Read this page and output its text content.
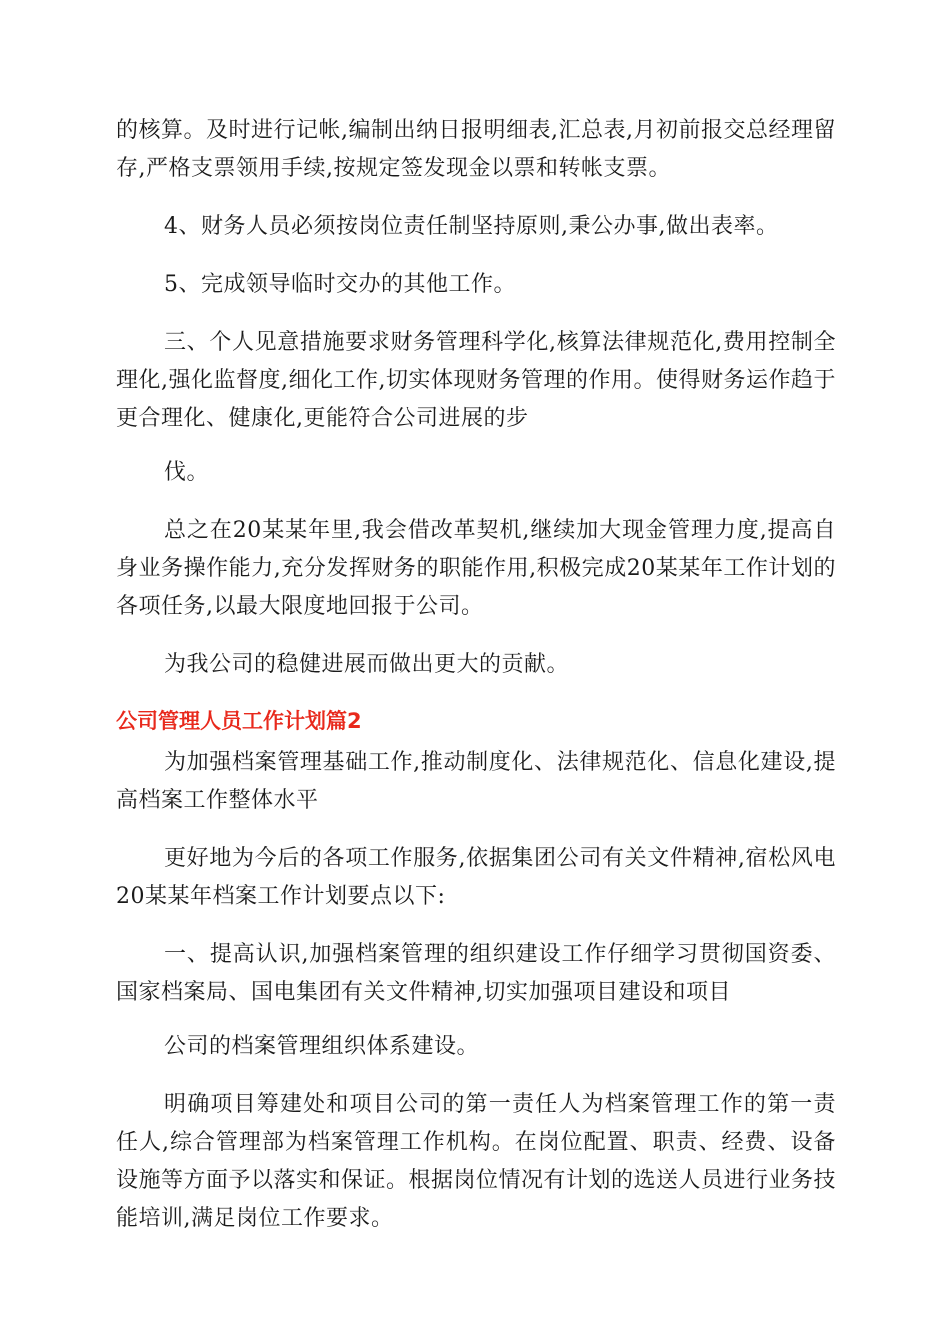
的核算。及时进行记帐,编制出纳日报明细表,汇总表,月初前报交总经理留存,严格支票领用手续,按规定签发现金以票和转帐支票。

4、财务人员必须按岗位责任制坚持原则,秉公办事,做出表率。

5、完成领导临时交办的其他工作。

三、个人见意措施要求财务管理科学化,核算法律规范化,费用控制全理化,强化监督度,细化工作,切实体现财务管理的作用。使得财务运作趋于更合理化、健康化,更能符合公司进展的步

伐。

总之在20某某年里,我会借改革契机,继续加大现金管理力度,提高自身业务操作能力,充分发挥财务的职能作用,积极完成20某某年工作计划的各项任务,以最大限度地回报于公司。

为我公司的稳健进展而做出更大的贡献。

公司管理人员工作计划篇2

为加强档案管理基础工作,推动制度化、法律规范化、信息化建设,提高档案工作整体水平

更好地为今后的各项工作服务,依据集团公司有关文件精神,宿松风电20某某年档案工作计划要点以下:

一、提高认识,加强档案管理的组织建设工作仔细学习贯彻国资委、国家档案局、国电集团有关文件精神,切实加强项目建设和项目

公司的档案管理组织体系建设。

明确项目筹建处和项目公司的第一责任人为档案管理工作的第一责任人,综合管理部为档案管理工作机构。在岗位配置、职责、经费、设备设施等方面予以落实和保证。根据岗位情况有计划的选送人员进行业务技能培训,满足岗位工作要求。
